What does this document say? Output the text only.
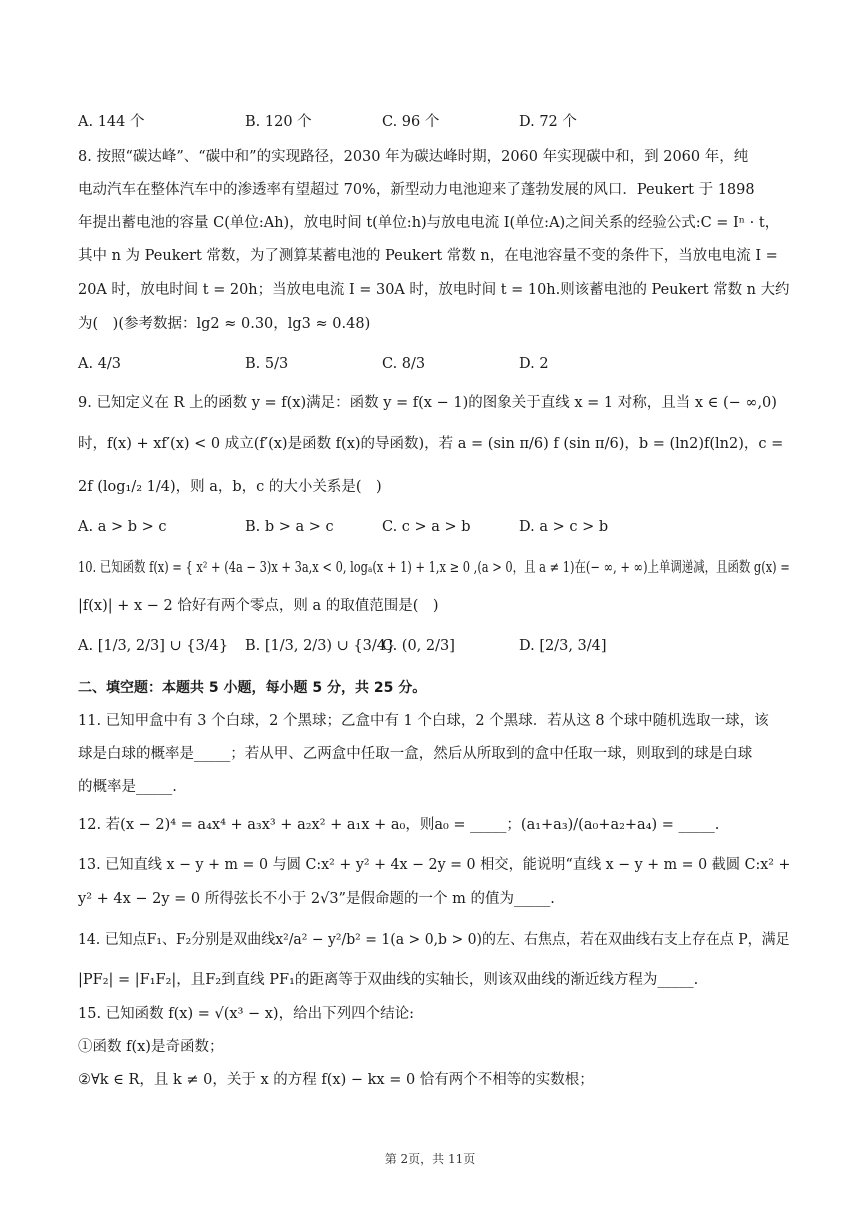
A. 144 个	B. 120 个	C. 96 个	D. 72 个
8. 按照“碳达峰”、“碳中和”的实现路径，2030 年为碳达峰时期，2060 年实现碳中和，到 2060 年，纯
电动汽车在整体汽车中的渗透率有望超过 70%，新型动力电池迎来了蓬勃发展的风口．Peukert 于 1898
年提出蓄电池的容量 C(单位:Ah)，放电时间 t(单位:h)与放电电流 I(单位:A)之间关系的经验公式:C = Iⁿ · t，
其中 n 为 Peukert 常数，为了测算某蓄电池的 Peukert 常数 n，在电池容量不变的条件下，当放电电流 I =
20A 时，放电时间 t = 20h；当放电电流 I = 30A 时，放电时间 t = 10h.则该蓄电池的 Peukert 常数 n 大约
为(　)(参考数据：lg2 ≈ 0.30，lg3 ≈ 0.48)
A. 4/3	B. 5/3	C. 8/3	D. 2
9. 已知定义在 R 上的函数 y = f(x)满足：函数 y = f(x − 1)的图象关于直线 x = 1 对称，且当 x ∈ (− ∞,0)
时，f(x) + xf′(x) < 0 成立(f′(x)是函数 f(x)的导函数)，若 a = (sin π/6) f (sin π/6)，b = (ln2)f(ln2)，c =
2f (log₁/₂ 1/4)，则 a，b，c 的大小关系是(　)
A. a > b > c	B. b > a > c	C. c > a > b	D. a > c > b
10. 已知函数 f(x) = { x² + (4a − 3)x + 3a,x < 0, logₐ(x + 1) + 1,x ≥ 0 ,(a > 0，且 a ≠ 1)在(− ∞, + ∞)上单调递减，且函数 g(x) =
|f(x)| + x − 2 恰好有两个零点，则 a 的取值范围是(　)
A. [1/3, 2/3] ∪ {3/4} B. [1/3, 2/3) ∪ {3/4}
C. (0, 2/3]	D. [2/3, 3/4]
二、填空题：本题共 5 小题，每小题 5 分，共 25 分。
11. 已知甲盒中有 3 个白球，2 个黑球；乙盒中有 1 个白球，2 个黑球．若从这 8 个球中随机选取一球，该
球是白球的概率是_____；若从甲、乙两盒中任取一盒，然后从所取到的盒中任取一球，则取到的球是白球
的概率是_____.
12. 若(x − 2)⁴ = a₄x⁴ + a₃x³ + a₂x² + a₁x + a₀，则a₀ = _____；(a₁+a₃)/(a₀+a₂+a₄) = _____.
13. 已知直线 x − y + m = 0 与圆 C:x² + y² + 4x − 2y = 0 相交，能说明“直线 x − y + m = 0 截圆 C:x² +
y² + 4x − 2y = 0 所得弦长不小于 2√3”是假命题的一个 m 的值为_____.
14. 已知点F₁、F₂分别是双曲线x²/a² − y²/b² = 1(a > 0,b > 0)的左、右焦点，若在双曲线右支上存在点 P，满足
|PF₂| = |F₁F₂|，且F₂到直线 PF₁的距离等于双曲线的实轴长，则该双曲线的渐近线方程为_____.
15. 已知函数 f(x) = √(x³ − x)，给出下列四个结论:
①函数 f(x)是奇函数；
②∀k ∈ R，且 k ≠ 0，关于 x 的方程 f(x) − kx = 0 恰有两个不相等的实数根；
第 2页，共 11页
